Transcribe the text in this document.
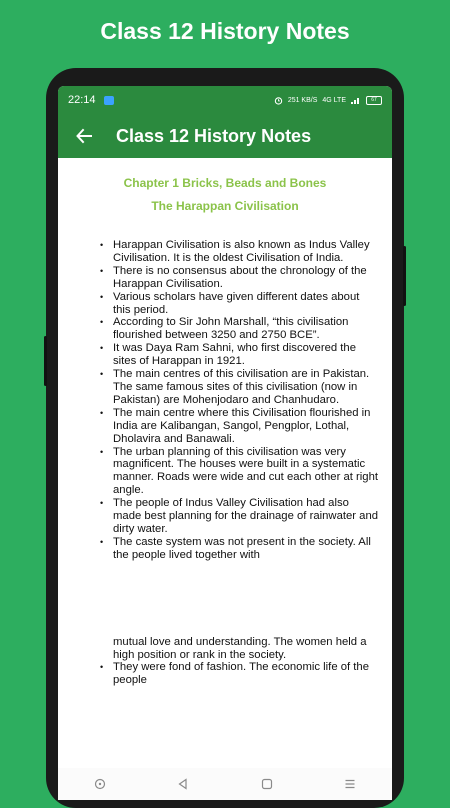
Class 12 History Notes
22:14	251 KB/S 4G LTE	67
Class 12 History Notes
Chapter 1 Bricks, Beads and Bones
The Harappan Civilisation
• Harappan Civilisation is also known as Indus Valley Civilisation. It is the oldest Civilisation of India.
• There is no consensus about the chronology of the Harappan Civilisation.
• Various scholars have given different dates about this period.
• According to Sir John Marshall, “this civilisation flourished between 3250 and 2750 BCE”.
• It was Daya Ram Sahni, who first discovered the sites of Harappan in 1921.
• The main centres of this civilisation are in Pakistan. The same famous sites of this civilisation (now in Pakistan) are Mohenjodaro and Chanhudaro.
• The main centre where this Civilisation flourished in India are Kalibangan, Sangol, Pengplor, Lothal, Dholavira and Banawali.
• The urban planning of this civilisation was very magnificent. The houses were built in a systematic manner. Roads were wide and cut each other at right angle.
• The people of Indus Valley Civilisation had also made best planning for the drainage of rainwater and dirty water.
• The caste system was not present in the society. All the people lived together with
mutual love and understanding. The women held a high position or rank in the society.
• They were fond of fashion. The economic life of the people
